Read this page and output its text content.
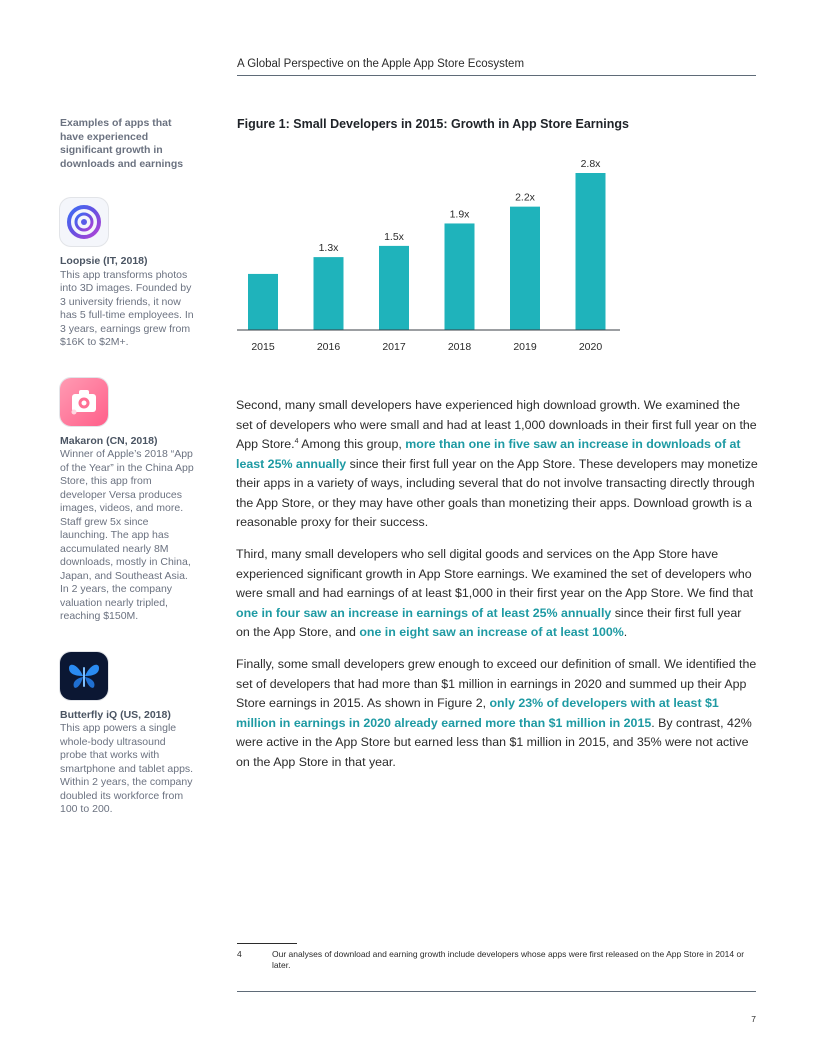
A Global Perspective on the Apple App Store Ecosystem
Examples of apps that have experienced significant growth in downloads and earnings
Loopsie (IT, 2018)
This app transforms photos into 3D images. Founded by 3 university friends, it now has 5 full-time employees. In 3 years, earnings grew from $16K to $2M+.
Makaron (CN, 2018)
Winner of Apple’s 2018 “App of the Year” in the China App Store, this app from developer Versa produces images, videos, and more. Staff grew 5x since launching. The app has accumulated nearly 8M downloads, mostly in China, Japan, and Southeast Asia. In 2 years, the company valuation nearly tripled, reaching $150M.
Butterfly iQ (US, 2018)
This app powers a single whole-body ultrasound probe that works with smartphone and tablet apps. Within 2 years, the company doubled its workforce from 100 to 200.
Figure 1: Small Developers in 2015: Growth in App Store Earnings
2015
1.3x
2016
1.5x
2017
1.9x
2018
2.2x
2019
2.8x
2020

Second, many small developers have experienced high download growth. We examined the set of developers who were small and had at least 1,000 downloads in their first full year on the App Store.$^4$ Among this group, more than one in five saw an increase in downloads of at least 25% annually since their first full year on the App Store. These developers may monetize their apps in a variety of ways, including several that do not involve transacting directly through the App Store, or they may have other goals than monetizing their apps. Download growth is a reasonable proxy for their success.

Third, many small developers who sell digital goods and services on the App Store have experienced significant growth in App Store earnings. We examined the set of developers who were small and had earnings of at least $1,000 in their first year on the App Store. We find that one in four saw an increase in earnings of at least 25% annually since their first full year on the App Store, and one in eight saw an increase of at least 100%.

Finally, some small developers grew enough to exceed our definition of small. We identified the set of developers that had more than $1 million in earnings in 2020 and summed up their App Store earnings in 2015. As shown in Figure 2, only 23% of developers with at least $1 million in earnings in 2020 already earned more than $1 million in 2015. By contrast, 42% were active in the App Store but earned less than $1 million in 2015, and 35% were not active on the App Store in that year.

4	Our analyses of download and earning growth include developers whose apps were first released on the App Store in 2014 or later.
7
